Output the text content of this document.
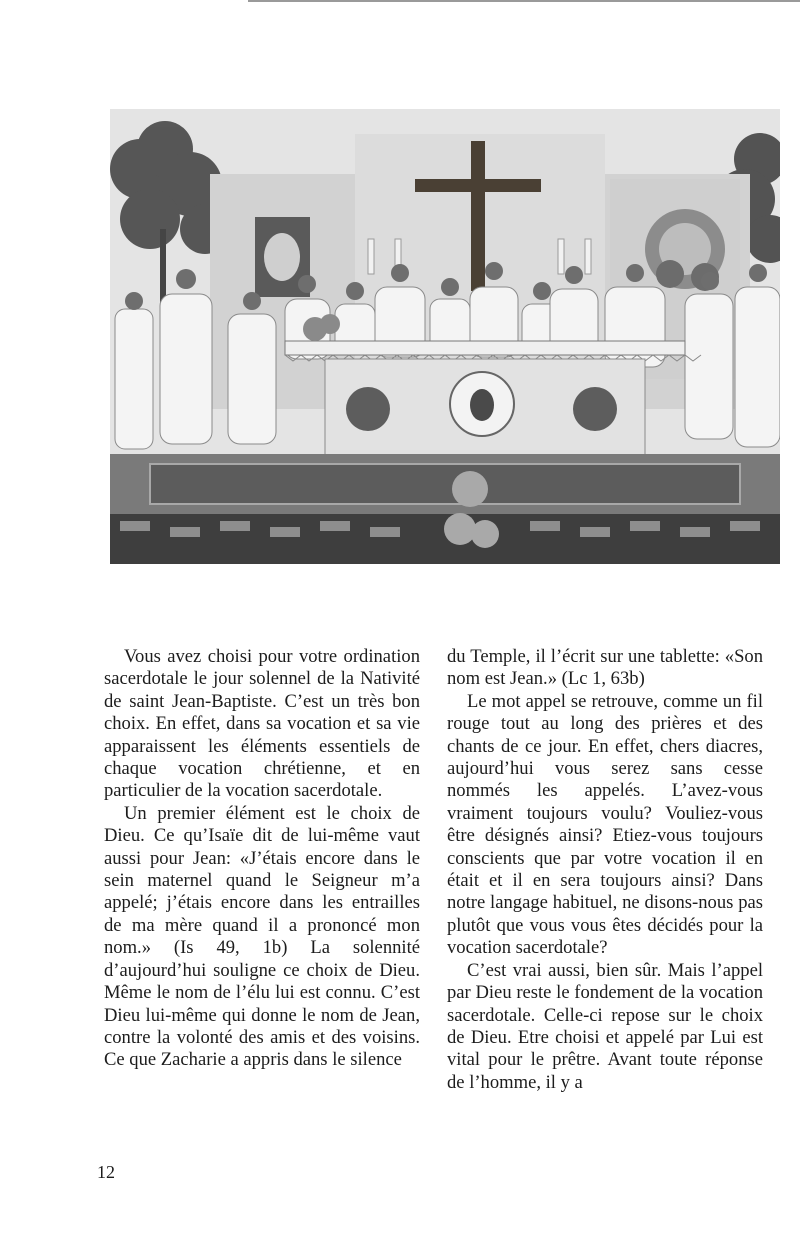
Vous avez choisi pour votre ordination sacerdotale le jour solennel de la Nativité de saint Jean-Baptiste. C’est un très bon choix. En effet, dans sa vocation et sa vie apparaissent les éléments essentiels de chaque vocation chrétienne, et en particulier de la vocation sacerdotale.

Un premier élément est le choix de Dieu. Ce qu’Isaïe dit de lui-même vaut aussi pour Jean: «J’étais encore dans le sein maternel quand le Seigneur m’a appelé; j’étais encore dans les entrailles de ma mère quand il a prononcé mon nom.» (Is 49, 1b) La solennité d’aujourd’hui souligne ce choix de Dieu. Même le nom de l’élu lui est connu. C’est Dieu lui-même qui donne le nom de Jean, contre la volonté des amis et des voisins. Ce que Zacharie a appris dans le silence

du Temple, il l’écrit sur une tablette: «Son nom est Jean.» (Lc 1, 63b)

Le mot appel se retrouve, comme un fil rouge tout au long des prières et des chants de ce jour. En effet, chers diacres, aujourd’hui vous serez sans cesse nommés les appelés. L’avez-vous vraiment toujours voulu? Vouliez-vous être désignés ainsi? Etiez-vous toujours conscients que par votre vocation il en était et il en sera toujours ainsi? Dans notre langage habituel, ne disons-nous pas plutôt que vous vous êtes décidés pour la vocation sacerdotale?

C’est vrai aussi, bien sûr. Mais l’appel par Dieu reste le fondement de la vocation sacerdotale. Celle-ci repose sur le choix de Dieu. Etre choisi et appelé par Lui est vital pour le prêtre. Avant toute réponse de l’homme, il y a

12
